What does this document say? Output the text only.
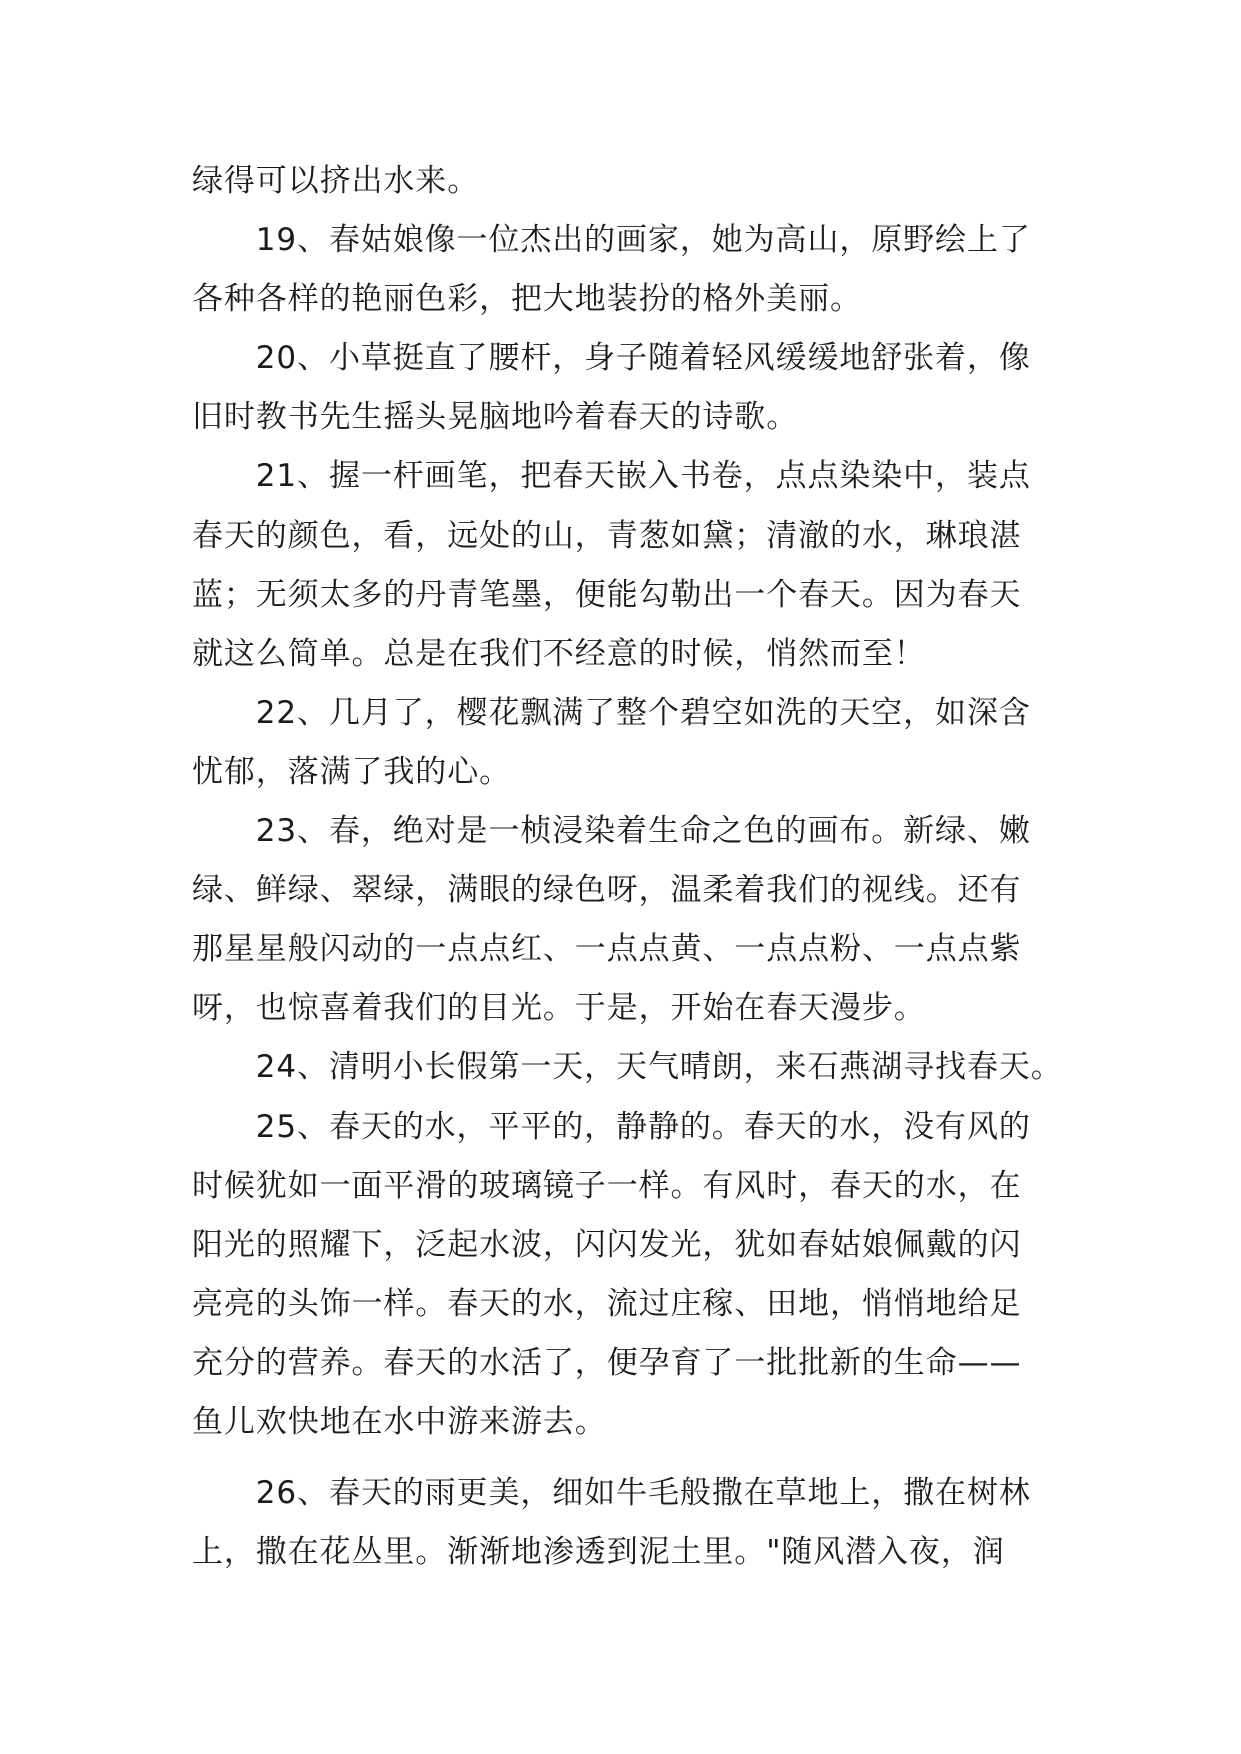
绿得可以挤出水来。
　　19、春姑娘像一位杰出的画家，她为高山，原野绘上了
各种各样的艳丽色彩，把大地装扮的格外美丽。
　　20、小草挺直了腰杆，身子随着轻风缓缓地舒张着，像
旧时教书先生摇头晃脑地吟着春天的诗歌。
　　21、握一杆画笔，把春天嵌入书卷，点点染染中，装点
春天的颜色，看，远处的山，青葱如黛；清澈的水，琳琅湛
蓝；无须太多的丹青笔墨，便能勾勒出一个春天。因为春天
就这么简单。总是在我们不经意的时候，悄然而至！
　　22、几月了，樱花飘满了整个碧空如洗的天空，如深含
忧郁，落满了我的心。
　　23、春，绝对是一桢浸染着生命之色的画布。新绿、嫩
绿、鲜绿、翠绿，满眼的绿色呀，温柔着我们的视线。还有
那星星般闪动的一点点红、一点点黄、一点点粉、一点点紫
呀，也惊喜着我们的目光。于是，开始在春天漫步。
　　24、清明小长假第一天，天气晴朗，来石燕湖寻找春天。
　　25、春天的水，平平的，静静的。春天的水，没有风的
时候犹如一面平滑的玻璃镜子一样。有风时，春天的水，在
阳光的照耀下，泛起水波，闪闪发光，犹如春姑娘佩戴的闪
亮亮的头饰一样。春天的水，流过庄稼、田地，悄悄地给足
充分的营养。春天的水活了，便孕育了一批批新的生命——
鱼儿欢快地在水中游来游去。
　　26、春天的雨更美，细如牛毛般撒在草地上，撒在树林
上，撒在花丛里。渐渐地渗透到泥土里。"随风潜入夜，润
